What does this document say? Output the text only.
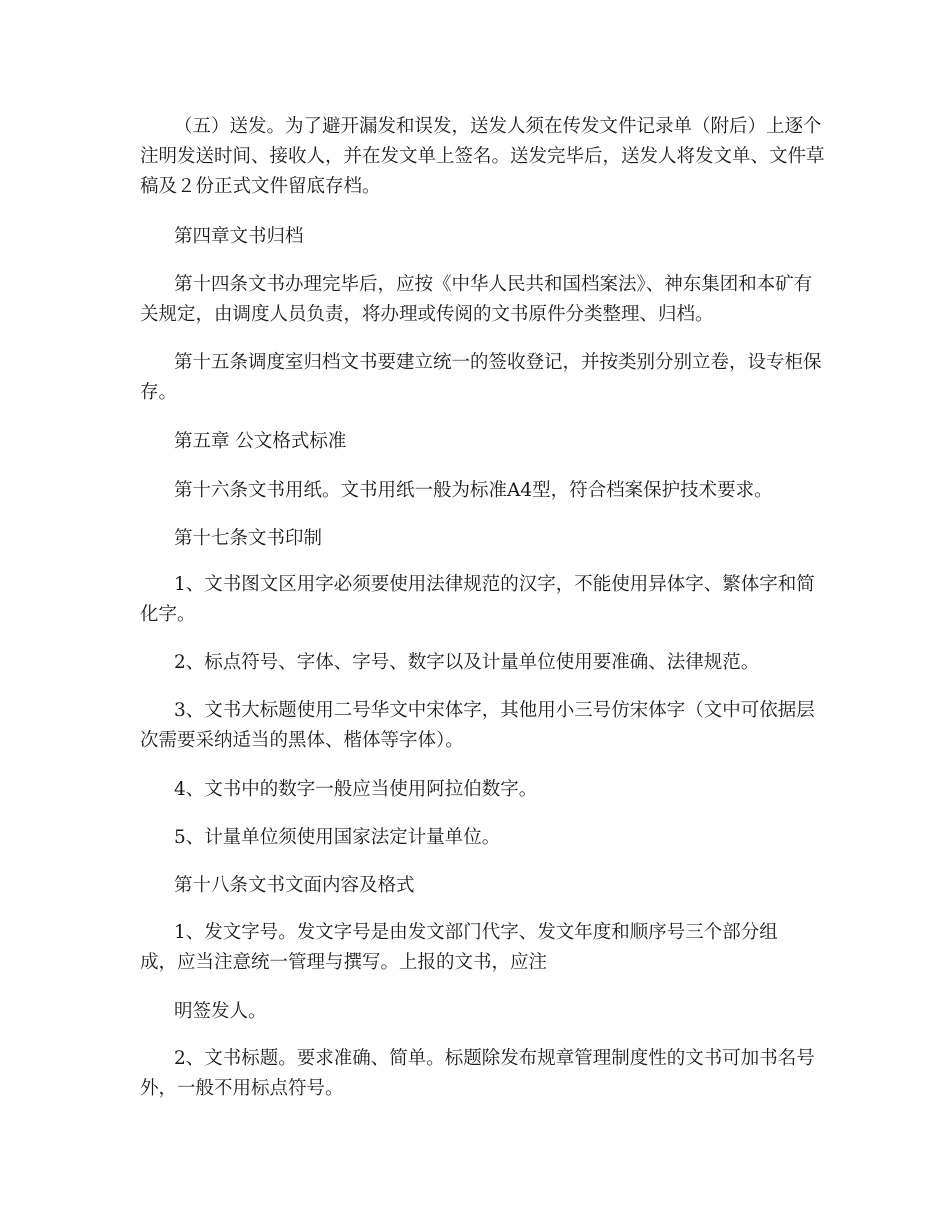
（五）送发。为了避开漏发和误发，送发人须在传发文件记录单（附后）上逐个注明发送时间、接收人，并在发文单上签名。送发完毕后，送发人将发文单、文件草稿及２份正式文件留底存档。

第四章文书归档

第十四条文书办理完毕后，应按《中华人民共和国档案法》、神东集团和本矿有关规定，由调度人员负责，将办理或传阅的文书原件分类整理、归档。

第十五条调度室归档文书要建立统一的签收登记，并按类别分别立卷，设专柜保存。

第五章 公文格式标准

第十六条文书用纸。文书用纸一般为标准A4型，符合档案保护技术要求。

第十七条文书印制

1、文书图文区用字必须要使用法律规范的汉字，不能使用异体字、繁体字和简化字。

2、标点符号、字体、字号、数字以及计量单位使用要准确、法律规范。

3、文书大标题使用二号华文中宋体字，其他用小三号仿宋体字（文中可依据层次需要采纳适当的黑体、楷体等字体）。

4、文书中的数字一般应当使用阿拉伯数字。

5、计量单位须使用国家法定计量单位。

第十八条文书文面内容及格式

1、发文字号。发文字号是由发文部门代字、发文年度和顺序号三个部分组成，应当注意统一管理与撰写。上报的文书，应注

明签发人。

2、文书标题。要求准确、简单。标题除发布规章管理制度性的文书可加书名号外，一般不用标点符号。
